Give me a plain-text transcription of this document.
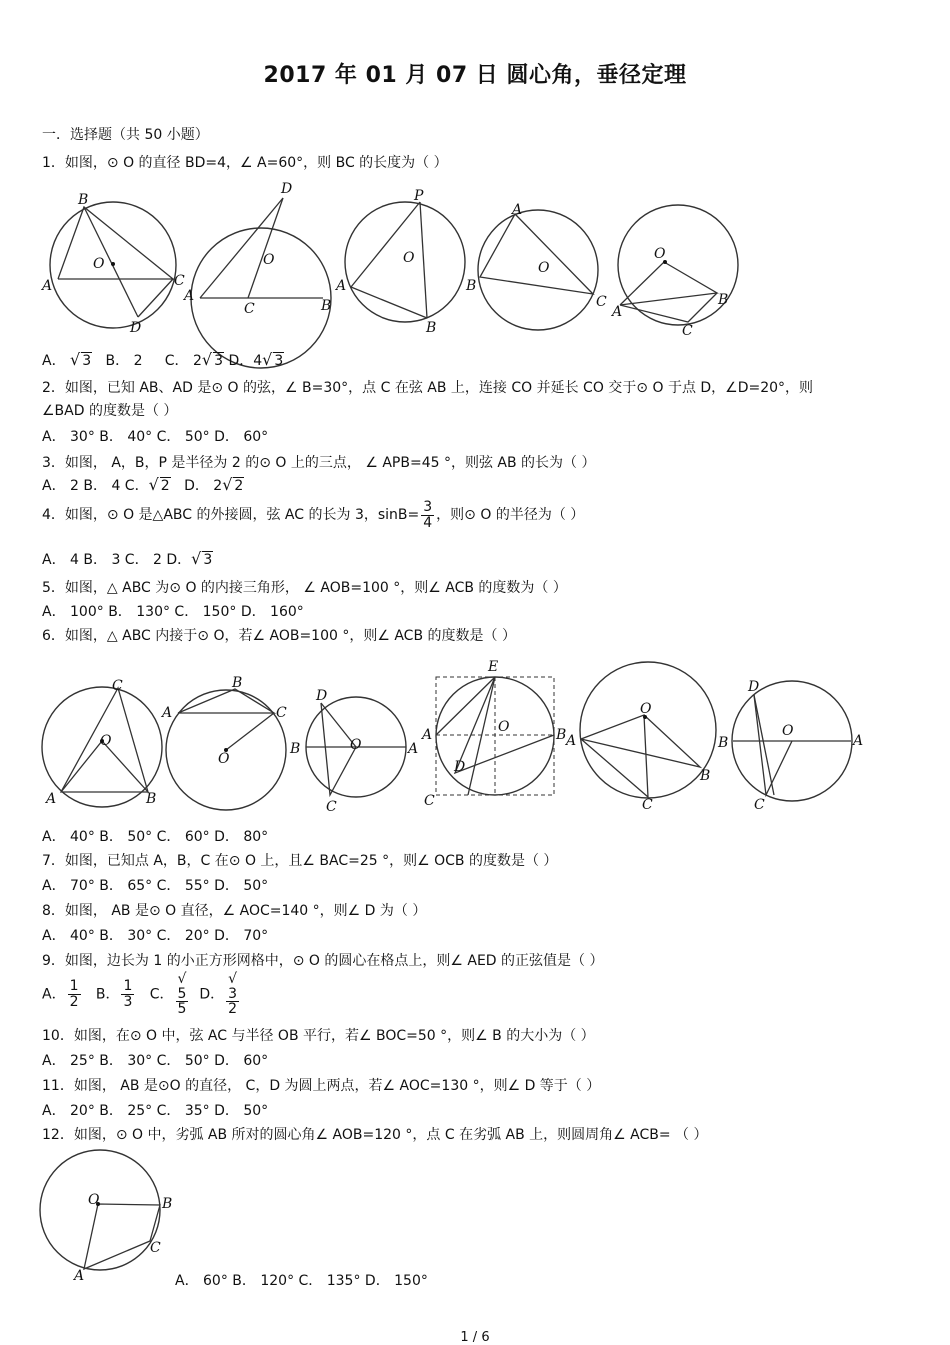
2017 年 01 月 07 日 圆心角，垂径定理
一．选择题（共 50 小题）
1．如图，⊙ O 的直径 BD=4，∠ A=60°，则 BC 的长度为（ ）
B
A	C
D
O
D
A
B
C
O
P
A
B
O
A
B
C
O
O
A
B
C
A． √ 3 B． 2 C． 2√ 3 D．4√ 3
2．如图，已知 AB、AD 是⊙ O 的弦，∠ B=30°，点 C 在弦 AB 上，连接 CO 并延长 CO 交于⊙ O 于点 D，∠D=20°，则
∠BAD 的度数是（ ）
A． 30° B． 40° C． 50° D． 60°
3．如图， A，B，P 是半径为 2 的⊙ O 上的三点， ∠ APB=45 °，则弦 AB 的长为（ ）
A． 2 B． 4 C．√ 2 D． 2√ 2
4．如图，⊙ O 是△ABC 的外接圆，弦 AC 的长为 3，$\sin B= \frac{3}{4}$ ，则⊙ O 的半径为（ ）
A． 4 B． 3 C． 2 D．√ 3
5．如图，△ ABC 为⊙ O 的内接三角形， ∠ AOB=100 °，则∠ ACB 的度数为（ ）
A． 100° B． 130° C． 150° D． 160°
6．如图，△ ABC 内接于⊙ O，若∠ AOB=100 °，则∠ ACB 的度数是（ ）
C
A	B
O
B
A	C
O
D
B	A
C
O
E
A	B
C
D
O
O
A
B
C
D
B	A
C
O
A． 40° B． 50° C． 60° D． 80°
7．如图，已知点 A，B，C 在⊙ O 上，且∠ BAC=25 °，则∠ OCB 的度数是（ ）
A． 70° B． 65° C． 55° D． 50°
8．如图， AB 是⊙ O 直径，∠ AOC=140 °，则∠ D 为（ ）
A． 40° B． 30° C． 20° D． 70°
9．如图，边长为 1 的小正方形网格中，⊙ O 的圆心在格点上，则∠ AED 的正弦值是（ ）
A． $\frac{1}{2}$ B． $\frac{1}{3}$ C． √
5
5 D． √
3
2
10．如图，在⊙ O 中，弦 AC 与半径 OB 平行，若∠ BOC=50 °，则∠ B 的大小为（ ）
A． 25° B． 30° C． 50° D． 60°
11．如图， AB 是⊙O 的直径， C，D 为圆上两点，若∠ AOC=130 °，则∠ D 等于（ ）
A． 20° B． 25° C． 35° D． 50°
12．如图，⊙ O 中，劣弧 AB 所对的圆心角∠ AOB=120 °，点 C 在劣弧 AB 上，则圆周角∠ ACB= （ ）
O	B
C
A	A． 60° B． 120° C． 135° D． 150°
1 / 6
